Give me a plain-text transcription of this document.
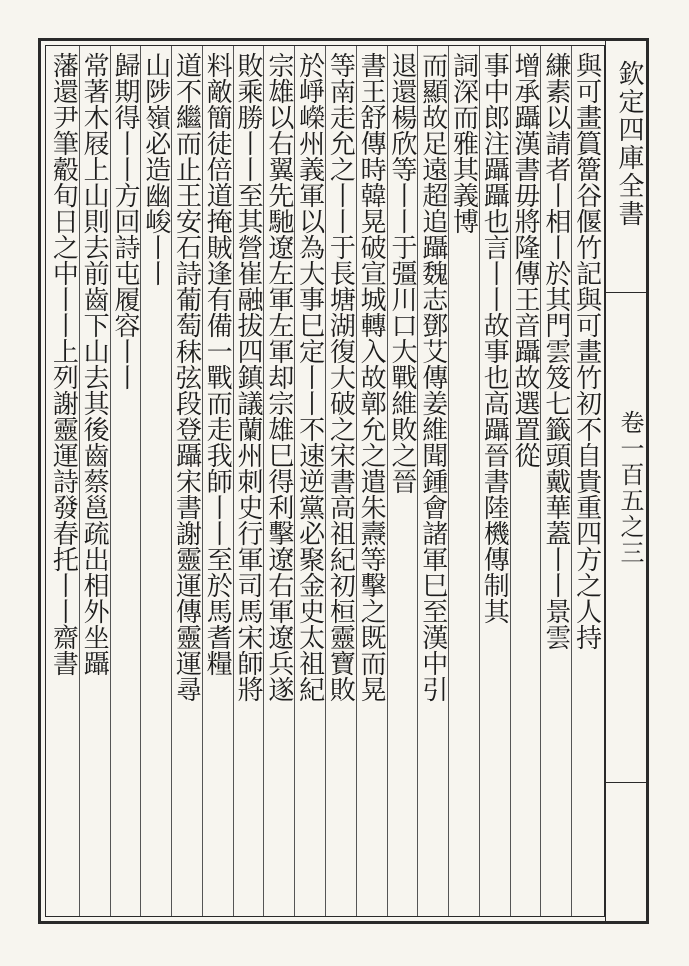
欽定四庫全書
卷一百五之三
與可畫篔簹谷偃竹記與可畫竹初不自貴重四方之人持
縑素以請者丨相丨於其門雲笈七籤頭戴華蓋丨丨景雲
增承躡漢書毋將隆傳王音躡故選置從
事中郎注躡躡也言丨丨故事也高躡晉書陸機傳制其
詞深而雅其義博
而顯故足遠超追躡魏志鄧艾傳姜維聞鍾會諸軍巳至漢中引
退還楊欣等丨丨于彊川口大戰維敗之晉
書王舒傳時韓晃破宣城轉入故鄣允之遣朱燾等擊之既而晃
等南走允之丨丨于長塘湖復大破之宋書高祖紀初桓靈寶敗
於崢嶸州義軍以為大事巳定丨丨不速逆黨必聚金史太祖紀
宗雄以右翼先馳遼左軍左軍却宗雄巳得利擊遼右軍遼兵遂
敗乘勝丨丨至其營崔融拔四鎮議蘭州刺史行軍司馬宋師將
料敵簡徒倍道掩賊逢有備一戰而走我師丨丨至於馬耆糧
道不繼而止王安石詩葡萄秣弦段登躡宋書謝靈運傳靈運尋
山陟嶺必造幽峻丨丨
歸期得丨丨方回詩屯履容丨丨
常著木屐上山則去前齒下山去其後齒蔡邕疏出相外坐躡
藩還尹筆觳旬日之中丨丨上列謝靈運詩發春托丨丨齋書
